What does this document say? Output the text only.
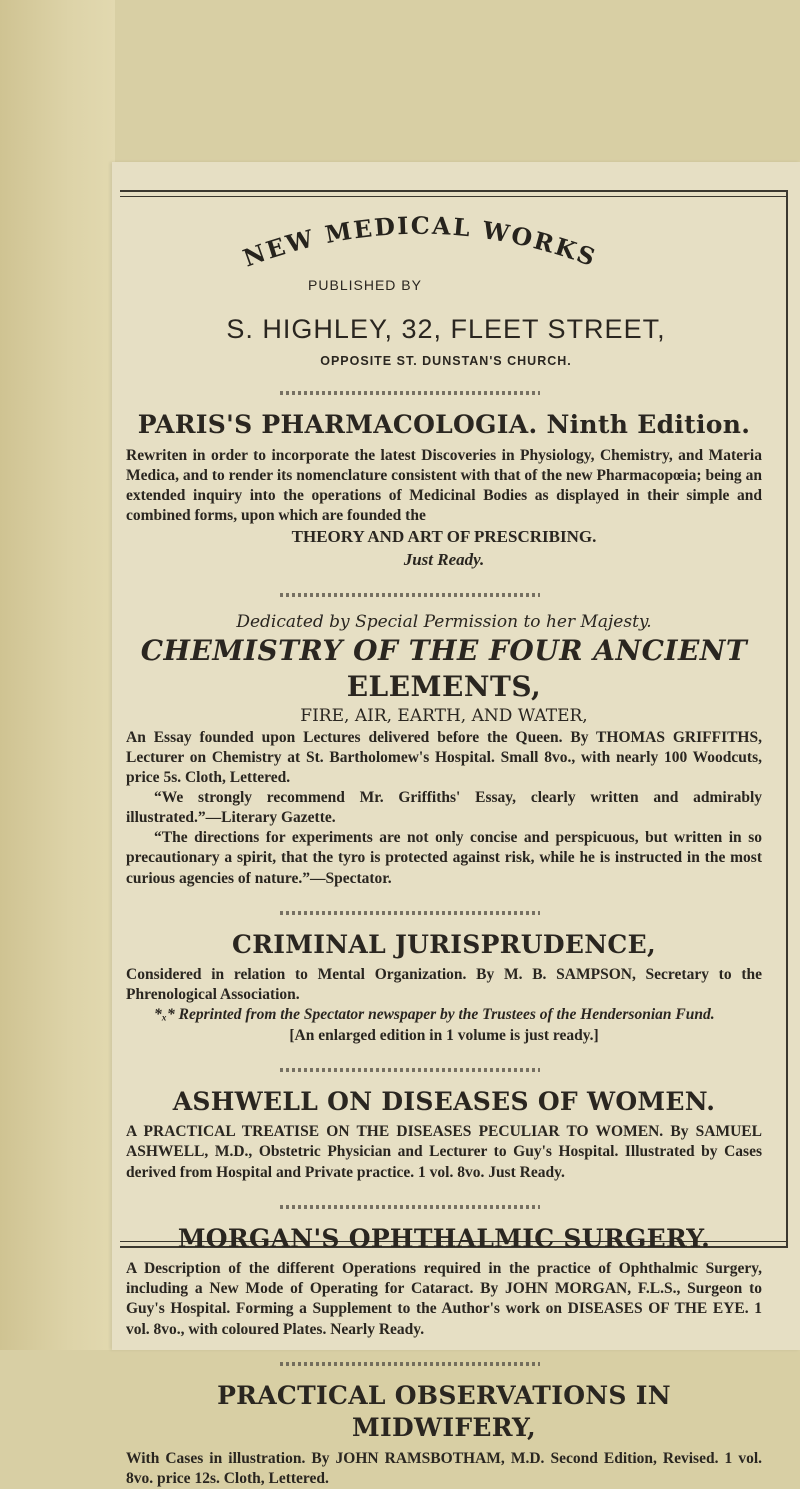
NEW MEDICAL WORKS
PUBLISHED BY
S. HIGHLEY, 32, FLEET STREET,
OPPOSITE ST. DUNSTAN'S CHURCH.
PARIS'S PHARMACOLOGIA. Ninth Edition.

Rewriten in order to incorporate the latest Discoveries in Physiology, Chemistry, and Materia Medica, and to render its nomenclature consistent with that of the new Pharmacopœia; being an extended inquiry into the operations of Medicinal Bodies as displayed in their simple and combined forms, upon which are founded the

THEORY AND ART OF PRESCRIBING.

Just Ready.

Dedicated by Special Permission to her Majesty.

CHEMISTRY OF THE FOUR ANCIENT
ELEMENTS,

FIRE, AIR, EARTH, AND WATER,

An Essay founded upon Lectures delivered before the Queen. By THOMAS GRIFFITHS, Lecturer on Chemistry at St. Bartholomew's Hospital. Small 8vo., with nearly 100 Woodcuts, price 5s. Cloth, Lettered.

“We strongly recommend Mr. Griffiths' Essay, clearly written and admirably illustrated.”—Literary Gazette.

“The directions for experiments are not only concise and perspicuous, but written in so precautionary a spirit, that the tyro is protected against risk, while he is instructed in the most curious agencies of nature.”—Spectator.

CRIMINAL JURISPRUDENCE,

Considered in relation to Mental Organization. By M. B. SAMPSON, Secretary to the Phrenological Association.

*ₓ* Reprinted from the Spectator newspaper by the Trustees of the Hendersonian Fund.

[An enlarged edition in 1 volume is just ready.]

ASHWELL ON DISEASES OF WOMEN.

A PRACTICAL TREATISE ON THE DISEASES PECULIAR TO WOMEN. By SAMUEL ASHWELL, M.D., Obstetric Physician and Lecturer to Guy's Hospital. Illustrated by Cases derived from Hospital and Private practice. 1 vol. 8vo. Just Ready.

MORGAN'S OPHTHALMIC SURGERY.

A Description of the different Operations required in the practice of Ophthalmic Surgery, including a New Mode of Operating for Cataract. By JOHN MORGAN, F.L.S., Surgeon to Guy's Hospital. Forming a Supplement to the Author's work on DISEASES OF THE EYE. 1 vol. 8vo., with coloured Plates. Nearly Ready.

PRACTICAL OBSERVATIONS IN MIDWIFERY,

With Cases in illustration. By JOHN RAMSBOTHAM, M.D. Second Edition, Revised. 1 vol. 8vo. price 12s. Cloth, Lettered.
